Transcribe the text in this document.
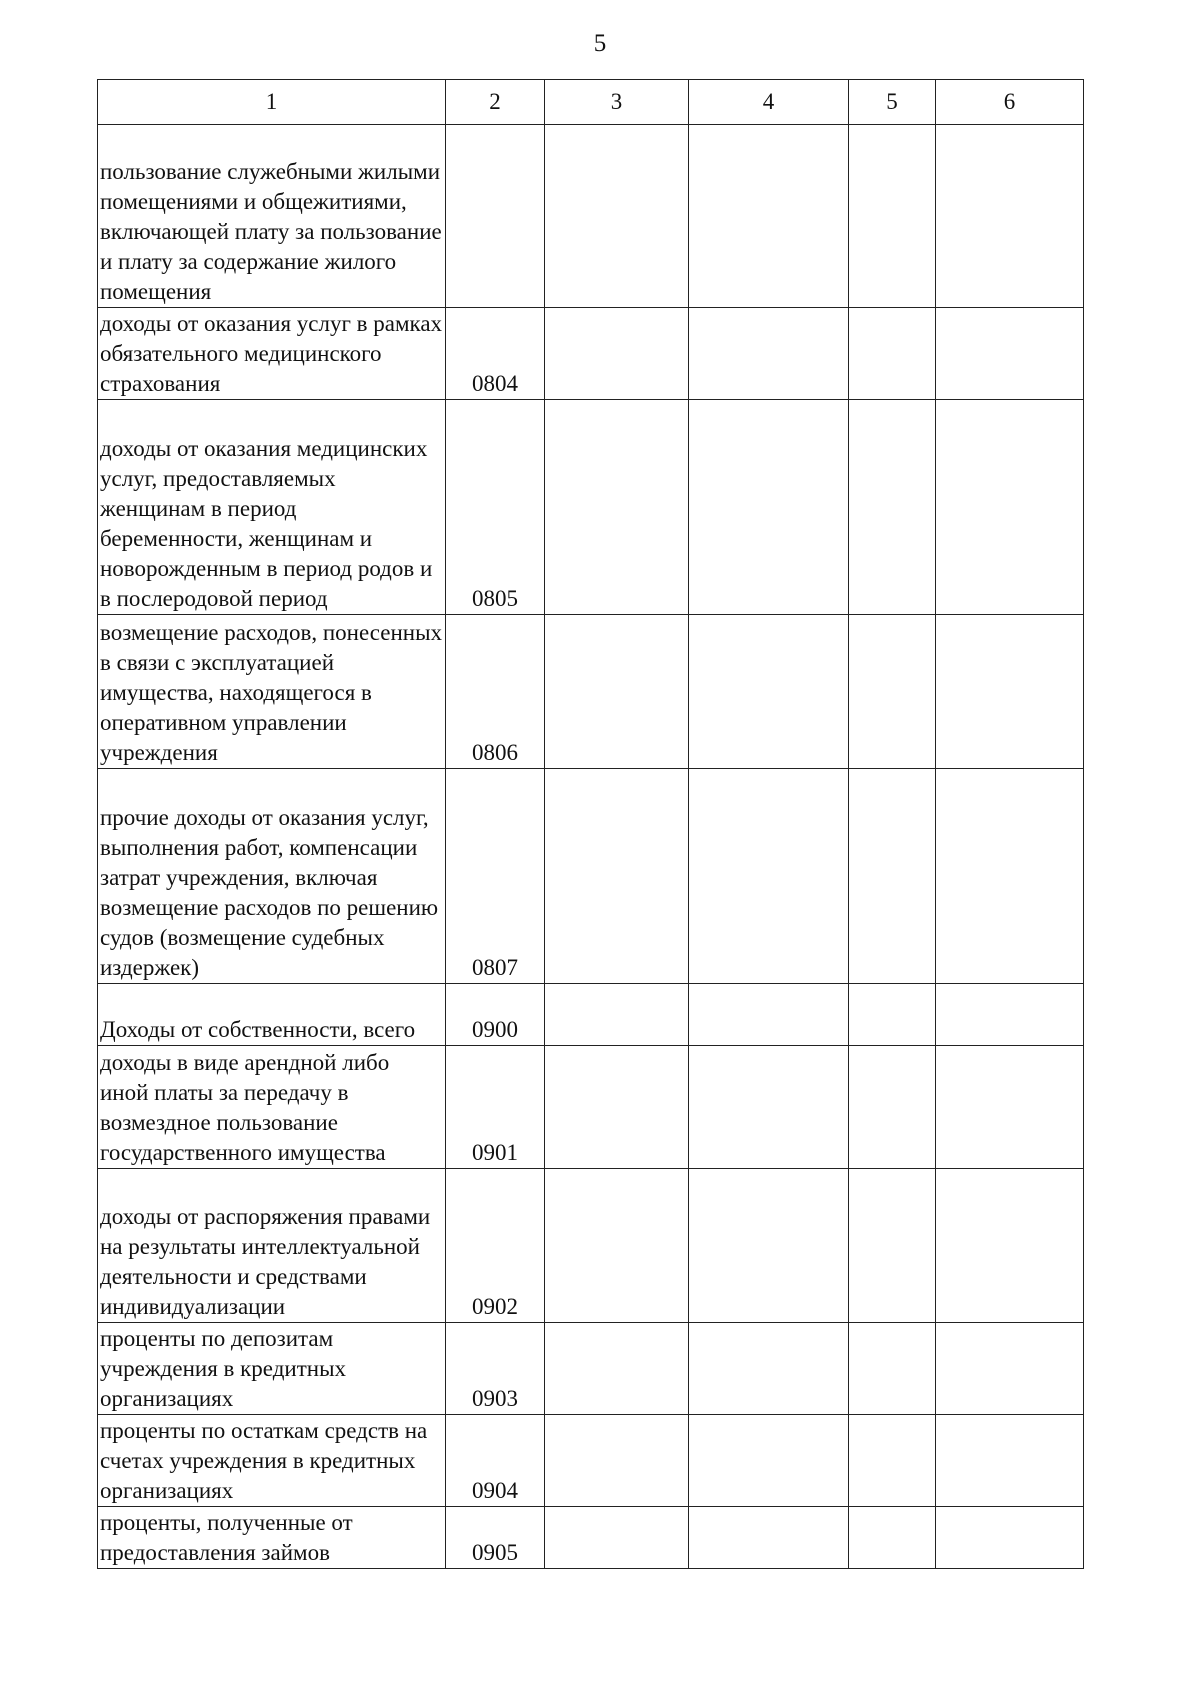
5
1	2	3	4	5	6
пользование служебными жилыми помещениями и общежитиями, включающей плату за пользование и плату за содержание жилого помещения					
доходы от оказания услуг в рамках обязательного медицинского страхования	0804				
доходы от оказания медицинских услуг, предоставляемых женщинам в период беременности, женщинам и новорожденным в период родов и в послеродовой период	0805				
возмещение расходов, понесенных в связи с эксплуатацией имущества, находящегося в оперативном управлении учреждения	0806				
прочие доходы от оказания услуг, выполнения работ, компенсации затрат учреждения, включая возмещение расходов по решению судов (возмещение судебных издержек)	0807				
Доходы от собственности, всего	0900				
доходы в виде арендной либо иной платы за передачу в возмездное пользование государственного имущества	0901				
доходы от распоряжения правами на результаты интеллектуальной деятельности и средствами индивидуализации	0902				
проценты по депозитам учреждения в кредитных организациях	0903				
проценты по остаткам средств на счетах учреждения в кредитных организациях	0904				
проценты, полученные от предоставления займов	0905				
